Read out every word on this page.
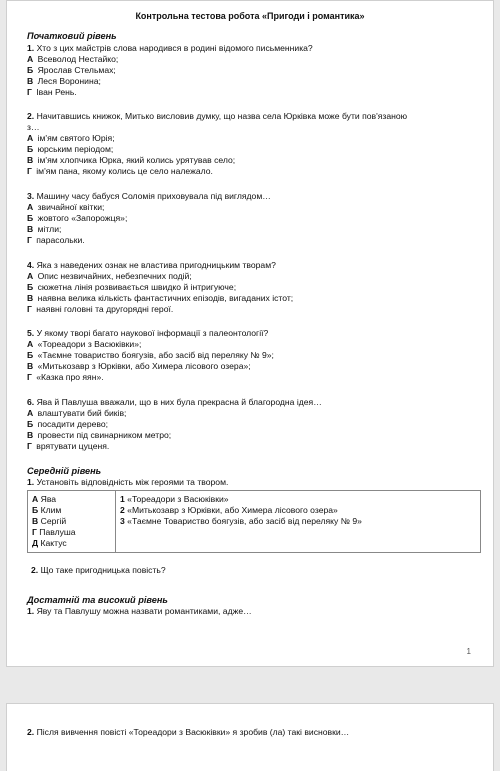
Контрольна тестова робота «Пригоди і романтика»
Початковий рівень
1. Хто з цих майстрів слова народився в родині відомого письменника?
А Всеволод Нестайко;
Б Ярослав Стельмах;
В Леся Воронина;
Г Іван Рень.
2. Начитавшись книжок, Митько висловив думку, що назва села Юрківка може бути пов'язаною
з…
А ім'ям святого Юрія;
Б юрським періодом;
В ім'ям хлопчика Юрка, який колись урятував село;
Г ім'ям пана, якому колись це село належало.
3. Машину часу бабуся Соломія приховувала під виглядом…
А звичайної квітки;
Б жовтого «Запорожця»;
В мітли;
Г парасольки.
4. Яка з наведених ознак не властива пригодницьким творам?
А Опис незвичайних, небезпечних подій;
Б сюжетна лінія розвивається швидко й інтригуюче;
В наявна велика кількість фантастичних епізодів, вигаданих істот;
Г наявні головні та другорядні герої.
5. У якому творі багато наукової інформації з палеонтології?
А «Тореадори з Васюківки»;
Б «Таємне товариство боягузів, або засіб від переляку № 9»;
В «Митькозавр з Юрківки, або Химера лісового озера»;
Г «Казка про яян».
6. Ява й Павлуша вважали, що в них була прекрасна й благородна ідея…
А влаштувати бий биків;
Б посадити дерево;
В провести під свинарником метро;
Г врятувати цуценя.
Середній рівень
1. Установіть відповідність між героями та твором.
А Ява
Б Клим
В Сергій
Г Павлуша
Д Кактус

1 «Тореадори з Васюківки»
2 «Митькозавр з Юрківки, або Химера лісового озера»
3 «Таємне Товариство боягузів, або засіб від переляку № 9»
2. Що таке пригодницька повість?
Достатній та високий рівень
1. Яву та Павлушу можна назвати романтиками, адже…
1
2. Після вивчення повісті «Тореадори з Васюківки» я зробив (ла) такі висновки…
